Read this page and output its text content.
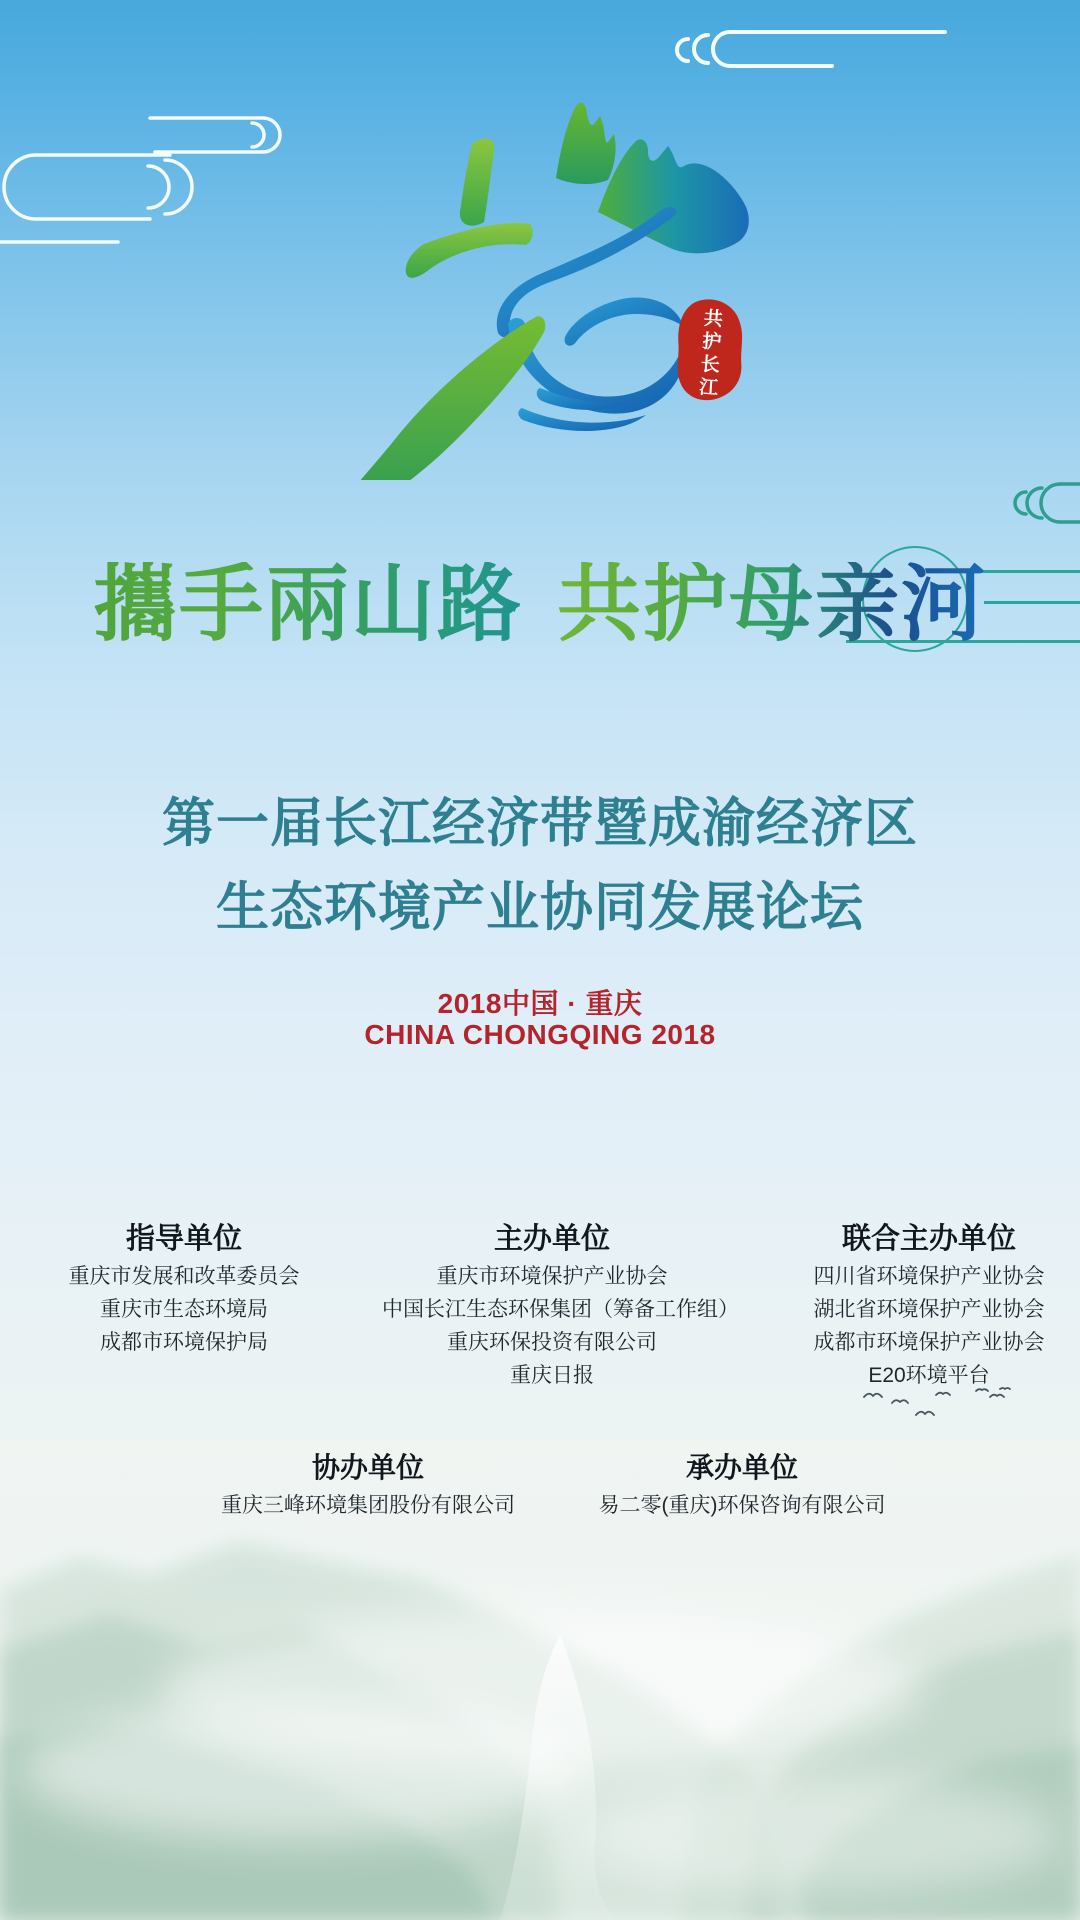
共护长江
攜手兩山路 共护母亲河
第一届长江经济带暨成渝经济区
生态环境产业协同发展论坛
2018中国 · 重庆
CHINA CHONGQING 2018
指导单位
重庆市发展和改革委员会
重庆市生态环境局
成都市环境保护局
主办单位
重庆市环境保护产业协会
中国长江生态环保集团（筹备工作组）
重庆环保投资有限公司
重庆日报
联合主办单位
四川省环境保护产业协会
湖北省环境保护产业协会
成都市环境保护产业协会
E20环境平台
协办单位
重庆三峰环境集团股份有限公司
承办单位
易二零(重庆)环保咨询有限公司
